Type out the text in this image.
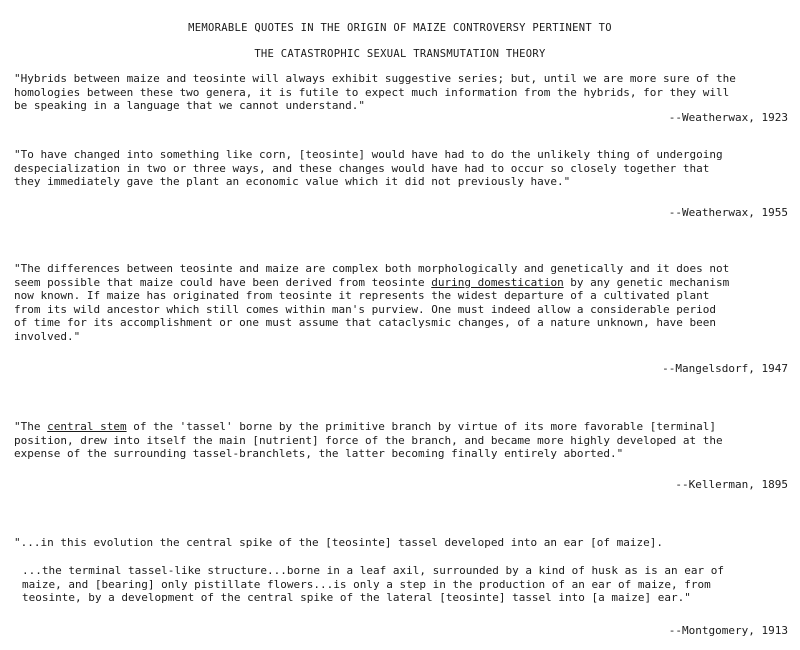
MEMORABLE QUOTES IN THE ORIGIN OF MAIZE CONTROVERSY PERTINENT TO
THE CATASTROPHIC SEXUAL TRANSMUTATION THEORY
"Hybrids between maize and teosinte will always exhibit suggestive series; but, until we are more sure of the
homologies between these two genera, it is futile to expect much information from the hybrids, for they will
be speaking in a language that we cannot understand."
--Weatherwax, 1923
"To have changed into something like corn, [teosinte] would have had to do the unlikely thing of undergoing
despecialization in two or three ways, and these changes would have had to occur so closely together that
they immediately gave the plant an economic value which it did not previously have."
--Weatherwax, 1955
"The differences between teosinte and maize are complex both morphologically and genetically and it does not
seem possible that maize could have been derived from teosinte during domestication by any genetic mechanism
now known. If maize has originated from teosinte it represents the widest departure of a cultivated plant
from its wild ancestor which still comes within man's purview. One must indeed allow a considerable period
of time for its accomplishment or one must assume that cataclysmic changes, of a nature unknown, have been
involved."
--Mangelsdorf, 1947
"The central stem of the 'tassel' borne by the primitive branch by virtue of its more favorable [terminal]
position, drew into itself the main [nutrient] force of the branch, and became more highly developed at the
expense of the surrounding tassel-branchlets, the latter becoming finally entirely aborted."
--Kellerman, 1895
"...in this evolution the central spike of the [teosinte] tassel developed into an ear [of maize].
...the terminal tassel-like structure...borne in a leaf axil, surrounded by a kind of husk as is an ear of
maize, and [bearing] only pistillate flowers...is only a step in the production of an ear of maize, from
teosinte, by a development of the central spike of the lateral [teosinte] tassel into [a maize] ear."
--Montgomery, 1913
